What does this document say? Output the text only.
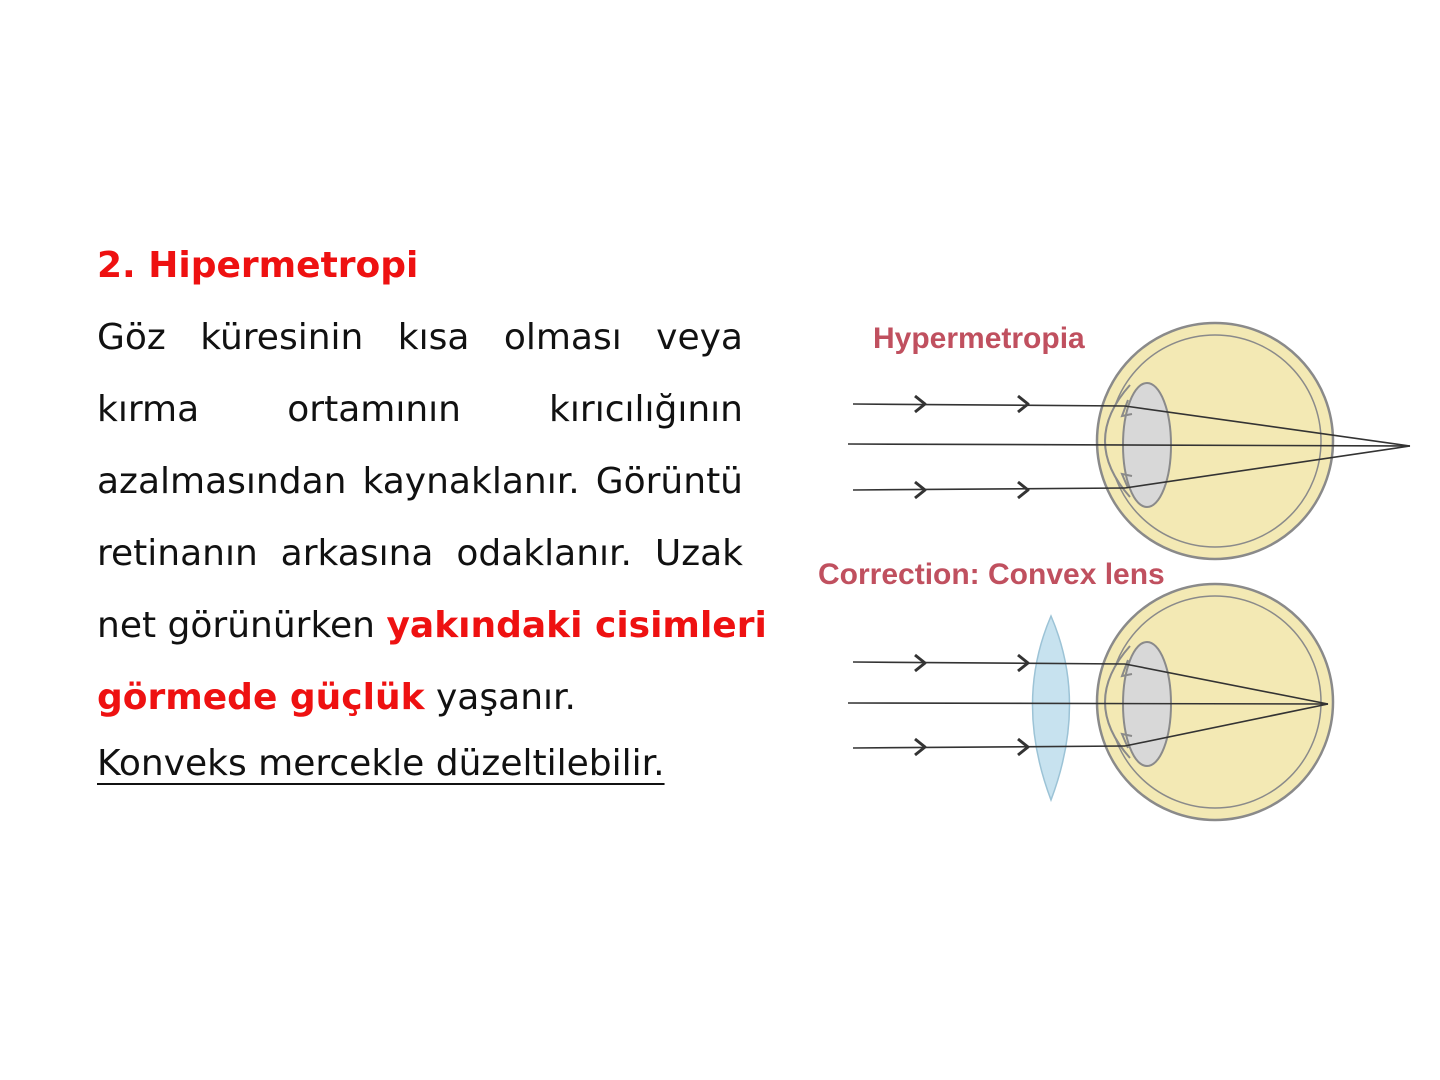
2. Hipermetropi
Göz küresinin kısa olması veya
kırma ortamının kırıcılığının
azalmasından kaynaklanır. Görüntü
retinanın arkasına odaklanır. Uzak
net görünürken yakındaki cisimleri
görmede güçlük yaşanır.
Konveks mercekle düzeltilebilir.
Hypermetropia
Correction: Convex lens
